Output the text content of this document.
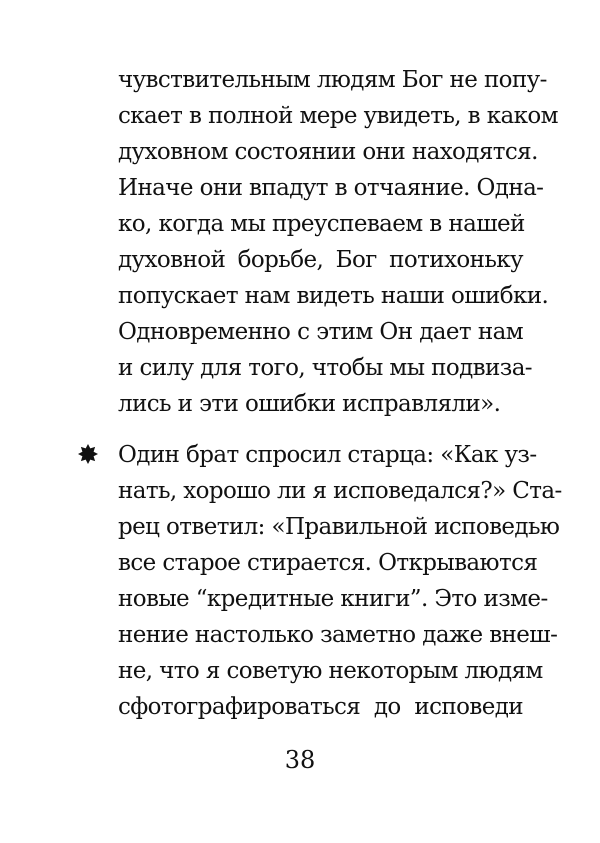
чувствительным людям Бог не попу-
скает в полной мере увидеть, в каком
духовном состоянии они находятся.
Иначе они впадут в отчаяние. Одна-
ко, когда мы преуспеваем в нашей
духовной борьбе, Бог потихоньку
попускает нам видеть наши ошибки.
Одновременно с этим Он дает нам
и силу для того, чтобы мы подвиза-
лись и эти ошибки исправляли».
Один брат спросил старца: «Как уз-
нать, хорошо ли я исповедался?» Ста-
рец ответил: «Правильной исповедью
все старое стирается. Открываются
новые “кредитные книги”. Это изме-
нение настолько заметно даже внеш-
не, что я советую некоторым людям
сфотографироваться до исповеди
38
